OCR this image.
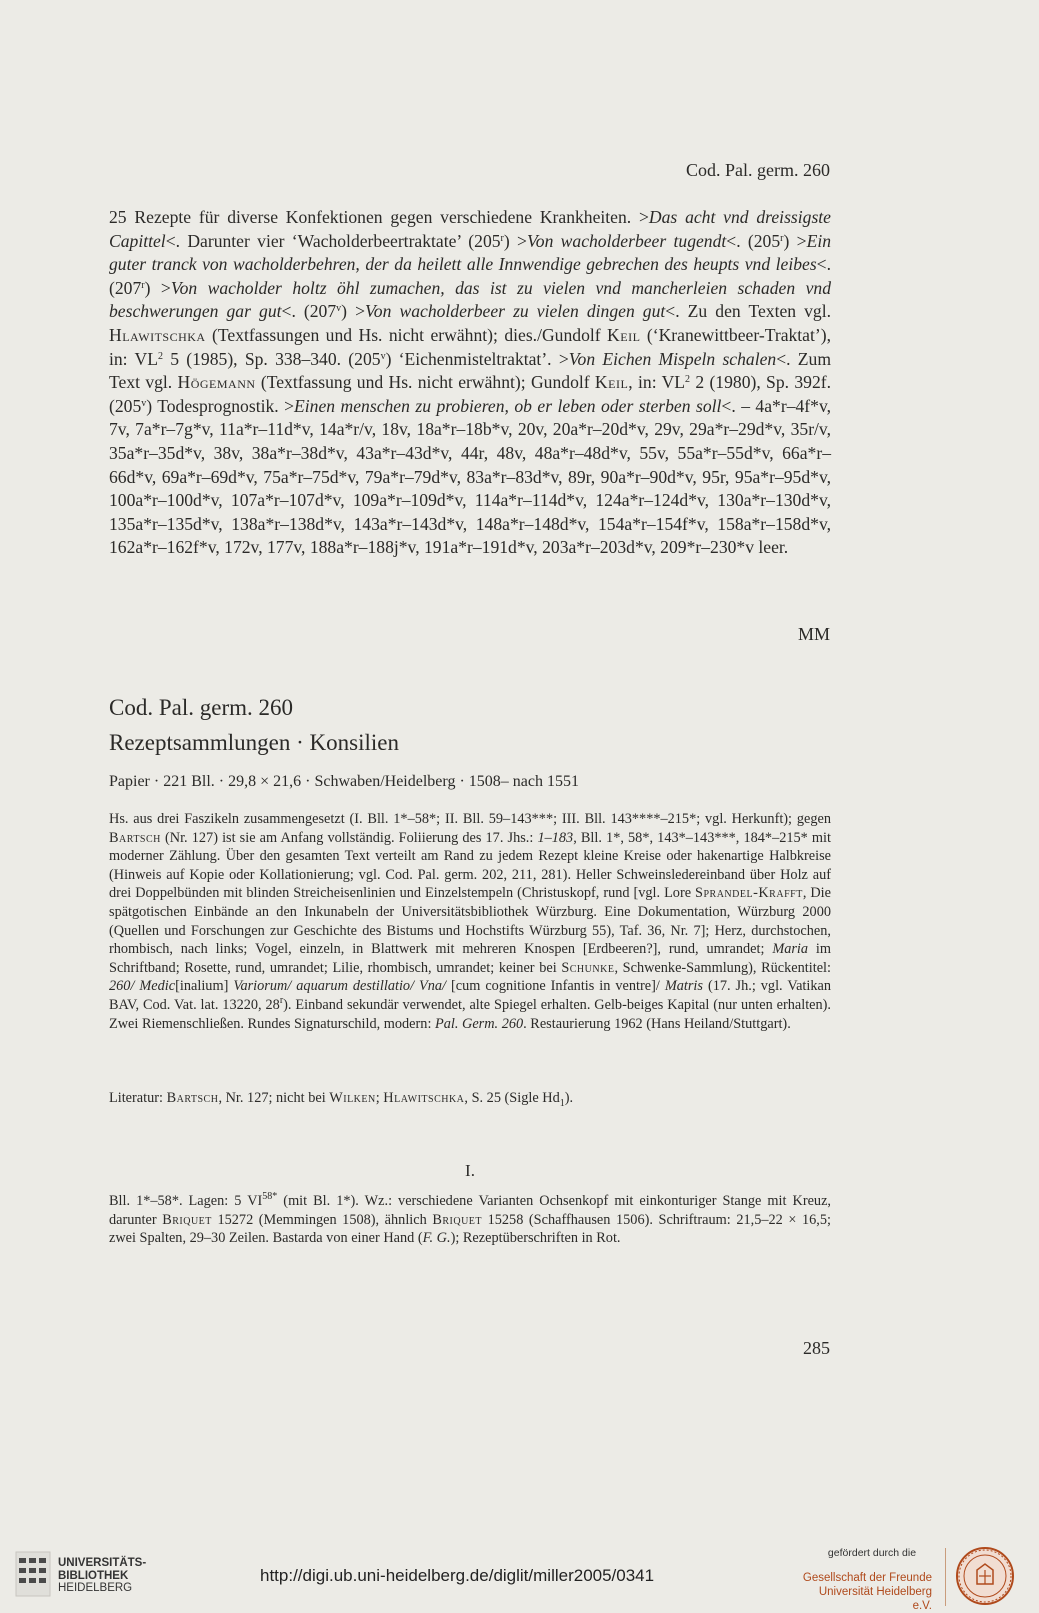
Cod. Pal. germ. 260
25 Rezepte für diverse Konfektionen gegen verschiedene Krankheiten. >Das acht vnd dreissigste Capittel<. Darunter vier ‘Wacholderbeertraktate’ $(205^r) >Von$ wacholderbeer tugendt<. $(205^r) >Ein$ guter tranck von wacholderbehren, der da heilett alle Innwendige gebrechen des heupts vnd leibes<. $(207^r) >Von$ wacholder holtz öhl zumachen, das ist zu vielen vnd mancherleien schaden vnd beschwerungen gar gut<. $(207^v) >Von$ wacholderbeer zu vielen dingen gut<. Zu den Texten vgl. Hlawitschka (Textfassungen und Hs. nicht erwähnt); dies./Gundolf Keil (‘Kranewittbeer-Traktat’), in: $VL^2$ 5 (1985), Sp. 338–340. (205$^v$) ‘Eichenmisteltraktat’. >Von Eichen Mispeln schalen<. Zum Text vgl. Högemann (Textfassung und Hs. nicht erwähnt); Gundolf Keil, in: $VL^2$ 2 (1980), Sp. 392f. (205$^v$) Todesprognostik. >Einen menschen zu probieren, ob er leben oder sterben soll<. – 4a*r–4f*v, 7v, 7a*r–7g*v, 11a*r–11d*v, 14a*r/v, 18v, 18a*r–18b*v, 20v, 20a*r–20d*v, 29v, 29a*r–29d*v, 35r/v, 35a*r–35d*v, 38v, 38a*r–38d*v, 43a*r–43d*v, 44r, 48v, 48a*r–48d*v, 55v, 55a*r–55d*v, 66a*r–66d*v, 69a*r–69d*v, 75a*r–75d*v, 79a*r–79d*v, 83a*r–83d*v, 89r, 90a*r–90d*v, 95r, 95a*r–95d*v, 100a*r–100d*v, 107a*r–107d*v, 109a*r–109d*v, 114a*r–114d*v, 124a*r–124d*v, 130a*r–130d*v, 135a*r–135d*v, 138a*r–138d*v, 143a*r–143d*v, 148a*r–148d*v, 154a*r–154f*v, 158a*r–158d*v, 162a*r–162f*v, 172v, 177v, 188a*r–188j*v, 191a*r–191d*v, 203a*r–203d*v, 209*r–230*v leer.
MM
Cod. Pal. germ. 260
Rezeptsammlungen · Konsilien
Papier · 221 Bll. · 29,8 × 21,6 · Schwaben/Heidelberg · 1508– nach 1551
Hs. aus drei Faszikeln zusammengesetzt (I. Bll. 1*–58*; II. Bll. 59–143***; III. Bll. 143****–215*; vgl. Herkunft); gegen Bartsch (Nr. 127) ist sie am Anfang vollständig. Foliierung des 17. Jhs.: 1–183, Bll. 1*, 58*, 143*–143***, 184*–215* mit moderner Zählung. Über den gesamten Text verteilt am Rand zu jedem Rezept kleine Kreise oder hakenartige Halbkreise (Hinweis auf Kopie oder Kollationierung; vgl. Cod. Pal. germ. 202, 211, 281). Heller Schweinsledereinband über Holz auf drei Doppelbünden mit blinden Streicheisenlinien und Einzelstempeln (Christuskopf, rund [vgl. Lore Sprandel-Krafft, Die spätgotischen Einbände an den Inkunabeln der Universitätsbibliothek Würzburg. Eine Dokumentation, Würzburg 2000 (Quellen und Forschungen zur Geschichte des Bistums und Hochstifts Würzburg 55), Taf. 36, Nr. 7]; Herz, durchstochen, rhombisch, nach links; Vogel, einzeln, in Blattwerk mit mehreren Knospen [Erdbeeren?], rund, umrandet; Maria im Schriftband; Rosette, rund, umrandet; Lilie, rhombisch, umrandet; keiner bei Schunke, Schwenke-Sammlung), Rückentitel: 260/ Medic[inalium] Variorum/ aquarum destillatio/ Vna/ [cum cognitione Infantis in ventre]/ Matris (17. Jh.; vgl. Vatikan BAV, Cod. Vat. lat. 13220, 28$^r$). Einband sekundär verwendet, alte Spiegel erhalten. Gelb-beiges Kapital (nur unten erhalten). Zwei Riemenschließen. Rundes Signaturschild, modern: Pal. Germ. 260. Restaurierung 1962 (Hans Heiland/Stuttgart).
Literatur: Bartsch, Nr. 127; nicht bei Wilken; Hlawitschka, S. 25 (Sigle $Hd_1$).
I.
Bll. 1*–58*. Lagen: 5 $VI^{58*}$ (mit Bl. 1*). Wz.: verschiedene Varianten Ochsenkopf mit einkonturiger Stange mit Kreuz, darunter Briquet 15272 (Memmingen 1508), ähnlich Briquet 15258 (Schaffhausen 1506). Schriftraum: 21,5–22 × 16,5; zwei Spalten, 29–30 Zeilen. Bastarda von einer Hand (F. G.); Rezeptüberschriften in Rot.
285
UNIVERSITÄTS-
BIBLIOTHEK
HEIDELBERG
http://digi.ub.uni-heidelberg.de/diglit/miller2005/0341
gefördert durch die
Gesellschaft der Freunde
Universität Heidelberg e.V.
